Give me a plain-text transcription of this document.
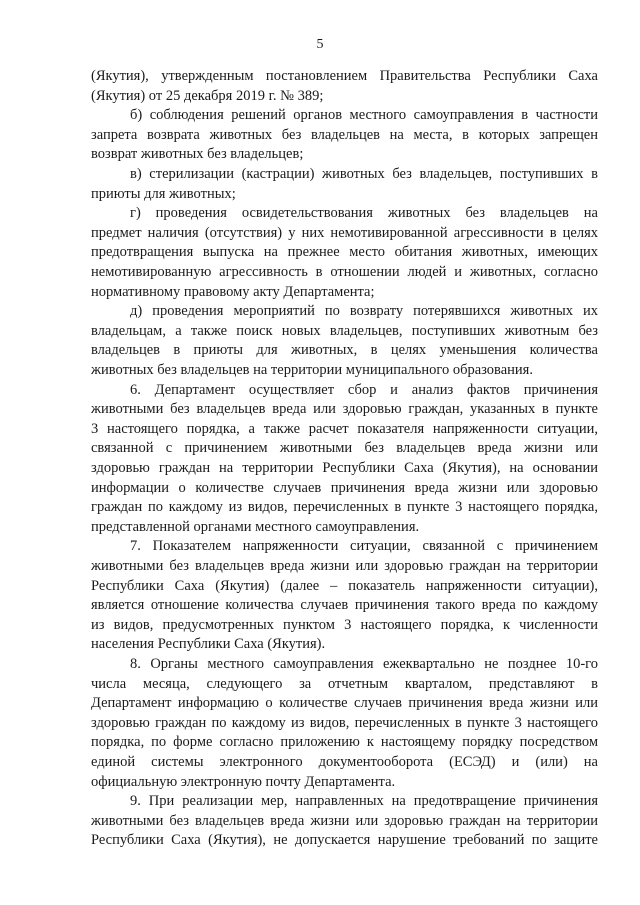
5
(Якутия), утвержденным постановлением Правительства Республики Саха
(Якутия) от 25 декабря 2019 г. № 389;
б) соблюдения решений органов местного самоуправления в частности
запрета возврата животных без владельцев на места, в которых запрещен
возврат животных без владельцев;
в) стерилизации (кастрации) животных без владельцев, поступивших в
приюты для животных;
г) проведения освидетельствования животных без владельцев на
предмет наличия (отсутствия) у них немотивированной агрессивности в целях
предотвращения выпуска на прежнее место обитания животных, имеющих
немотивированную агрессивность в отношении людей и животных, согласно
нормативному правовому акту Департамента;
д) проведения мероприятий по возврату потерявшихся животных их
владельцам, а также поиск новых владельцев, поступивших животным без
владельцев в приюты для животных, в целях уменьшения количества
животных без владельцев на территории муниципального образования.
6. Департамент осуществляет сбор и анализ фактов причинения
животными без владельцев вреда или здоровью граждан, указанных в пункте
3 настоящего порядка, а также расчет показателя напряженности ситуации,
связанной с причинением животными без владельцев вреда жизни или
здоровью граждан на территории Республики Саха (Якутия), на основании
информации о количестве случаев причинения вреда жизни или здоровью
граждан по каждому из видов, перечисленных в пункте 3 настоящего порядка,
представленной органами местного самоуправления.
7. Показателем напряженности ситуации, связанной с причинением
животными без владельцев вреда жизни или здоровью граждан на территории
Республики Саха (Якутия) (далее – показатель напряженности ситуации),
является отношение количества случаев причинения такого вреда по каждому
из видов, предусмотренных пунктом 3 настоящего порядка, к численности
населения Республики Саха (Якутия).
8. Органы местного самоуправления ежеквартально не позднее 10-го
числа месяца, следующего за отчетным кварталом, представляют в
Департамент информацию о количестве случаев причинения вреда жизни или
здоровью граждан по каждому из видов, перечисленных в пункте 3 настоящего
порядка, по форме согласно приложению к настоящему порядку посредством
единой системы электронного документооборота (ЕСЭД) и (или) на
официальную электронную почту Департамента.
9. При реализации мер, направленных на предотвращение причинения
животными без владельцев вреда жизни или здоровью граждан на территории
Республики Саха (Якутия), не допускается нарушение требований по защите
